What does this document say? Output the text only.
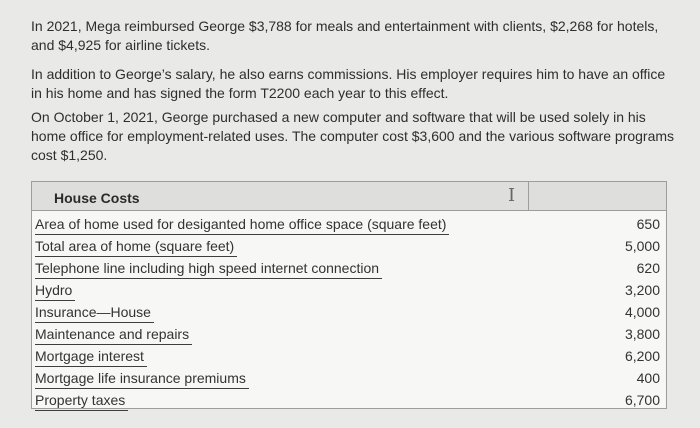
In 2021, Mega reimbursed George $3,788 for meals and entertainment with clients, $2,268 for hotels, and $4,925 for airline tickets.

In addition to George’s salary, he also earns commissions. His employer requires him to have an office in his home and has signed the form T2200 each year to this effect.

On October 1, 2021, George purchased a new computer and software that will be used solely in his home office for employment-related uses. The computer cost $3,600 and the various software programs cost $1,250.

House Costs	I
Area of home used for desiganted home office space (square feet)	650
Total area of home (square feet)	5,000
Telephone line including high speed internet connection	620
Hydro	3,200
Insurance—House	4,000
Maintenance and repairs	3,800
Mortgage interest	6,200
Mortgage life insurance premiums	400
Property taxes	6,700
